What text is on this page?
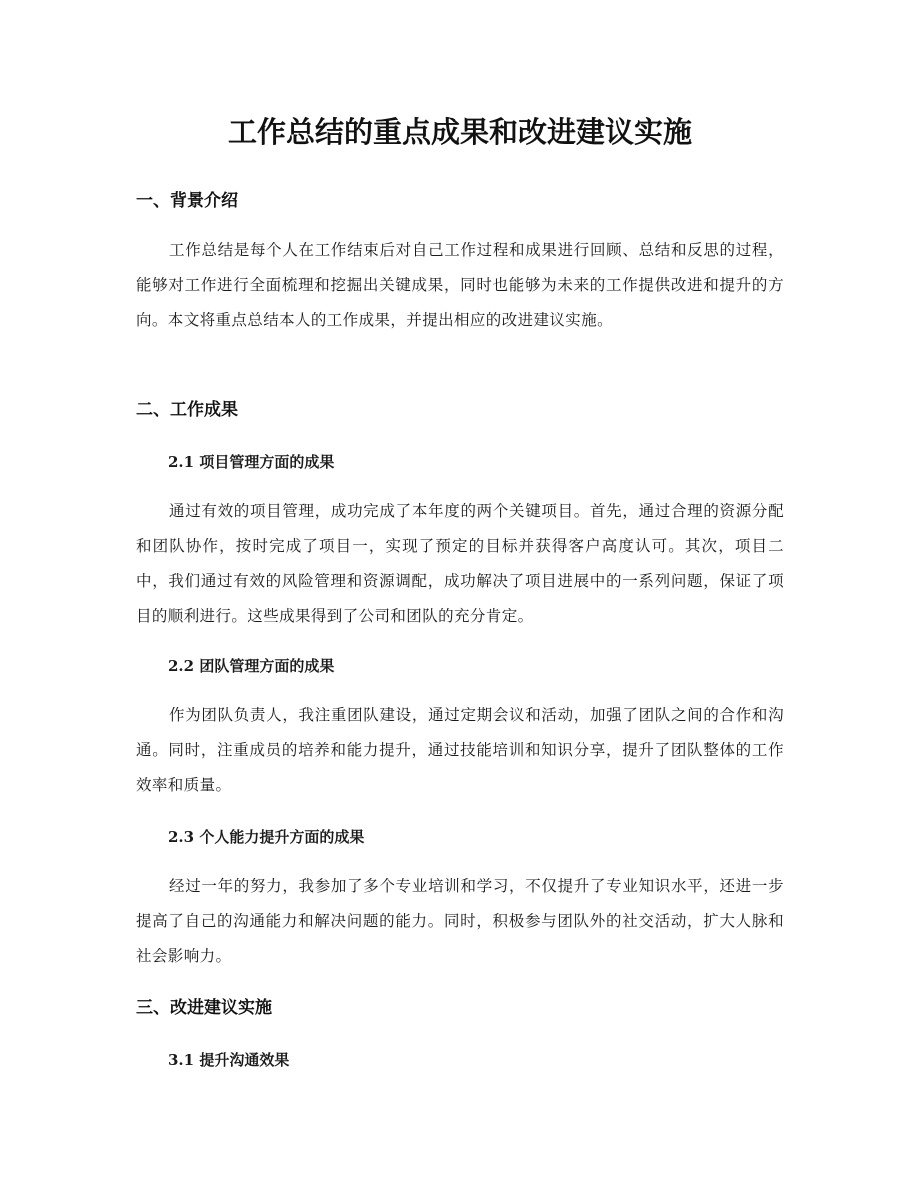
工作总结的重点成果和改进建议实施
一、背景介绍

工作总结是每个人在工作结束后对自己工作过程和成果进行回顾、总结和反思的过程，能够对工作进行全面梳理和挖掘出关键成果，同时也能够为未来的工作提供改进和提升的方向。本文将重点总结本人的工作成果，并提出相应的改进建议实施。

二、工作成果
2.1 项目管理方面的成果

通过有效的项目管理，成功完成了本年度的两个关键项目。首先，通过合理的资源分配和团队协作，按时完成了项目一，实现了预定的目标并获得客户高度认可。其次，项目二中，我们通过有效的风险管理和资源调配，成功解决了项目进展中的一系列问题，保证了项目的顺利进行。这些成果得到了公司和团队的充分肯定。

2.2 团队管理方面的成果

作为团队负责人，我注重团队建设，通过定期会议和活动，加强了团队之间的合作和沟通。同时，注重成员的培养和能力提升，通过技能培训和知识分享，提升了团队整体的工作效率和质量。

2.3 个人能力提升方面的成果

经过一年的努力，我参加了多个专业培训和学习，不仅提升了专业知识水平，还进一步提高了自己的沟通能力和解决问题的能力。同时，积极参与团队外的社交活动，扩大人脉和社会影响力。

三、改进建议实施
3.1 提升沟通效果
